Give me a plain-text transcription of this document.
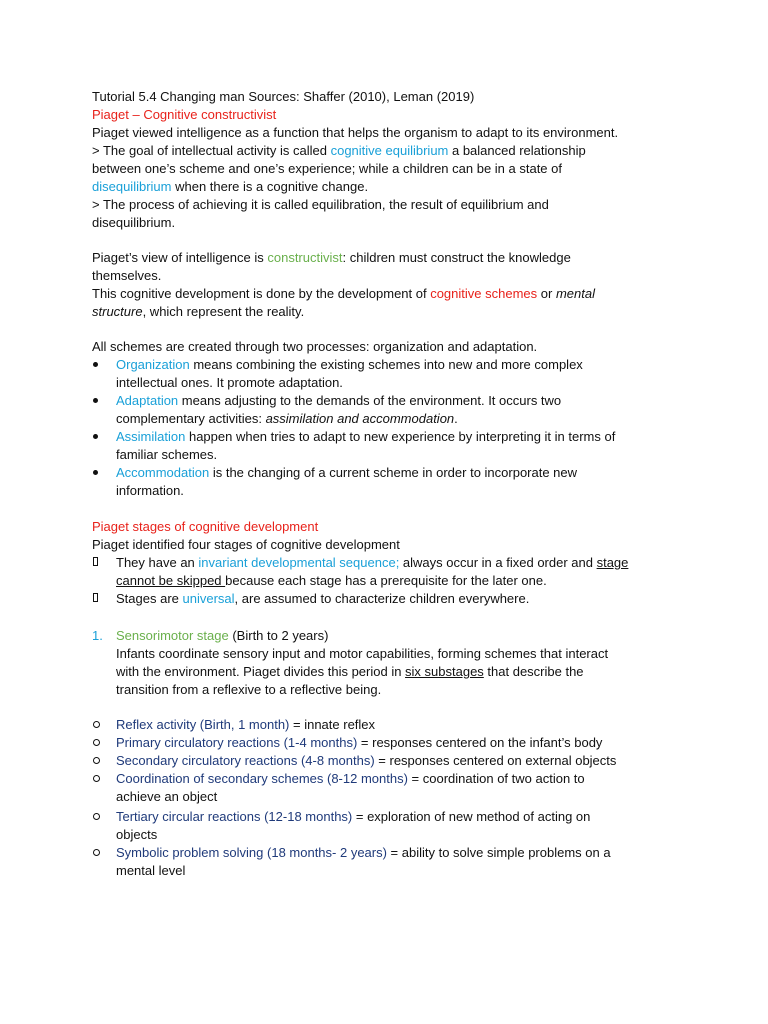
Tutorial 5.4 Changing man Sources: Shaffer (2010), Leman (2019)
Piaget – Cognitive constructivist
Piaget viewed intelligence as a function that helps the organism to adapt to its environment.
> The goal of intellectual activity is called cognitive equilibrium a balanced relationship
between one’s scheme and one’s experience; while a children can be in a state of
disequilibrium when there is a cognitive change.
> The process of achieving it is called equilibration, the result of equilibrium and
disequilibrium.
Piaget’s view of intelligence is constructivist: children must construct the knowledge
themselves.
This cognitive development is done by the development of cognitive schemes or mental
structure, which represent the reality.
All schemes are created through two processes: organization and adaptation.
Organization means combining the existing schemes into new and more complex
intellectual ones. It promote adaptation.
Adaptation means adjusting to the demands of the environment. It occurs two
complementary activities: assimilation and accommodation.
Assimilation happen when tries to adapt to new experience by interpreting it in terms of
familiar schemes.
Accommodation is the changing of a current scheme in order to incorporate new
information.
Piaget stages of cognitive development
Piaget identified four stages of cognitive development
They have an invariant developmental sequence; always occur in a fixed order and stage
cannot be skipped because each stage has a prerequisite for the later one.
Stages are universal, are assumed to characterize children everywhere.
1. Sensorimotor stage (Birth to 2 years)
Infants coordinate sensory input and motor capabilities, forming schemes that interact
with the environment. Piaget divides this period in six substages that describe the
transition from a reflexive to a reflective being.
Reflex activity (Birth, 1 month) = innate reflex
Primary circulatory reactions (1-4 months) = responses centered on the infant’s body
Secondary circulatory reactions (4-8 months) = responses centered on external objects
Coordination of secondary schemes (8-12 months) = coordination of two action to
achieve an object
Tertiary circular reactions (12-18 months) = exploration of new method of acting on
objects
Symbolic problem solving (18 months- 2 years) = ability to solve simple problems on a
mental level
